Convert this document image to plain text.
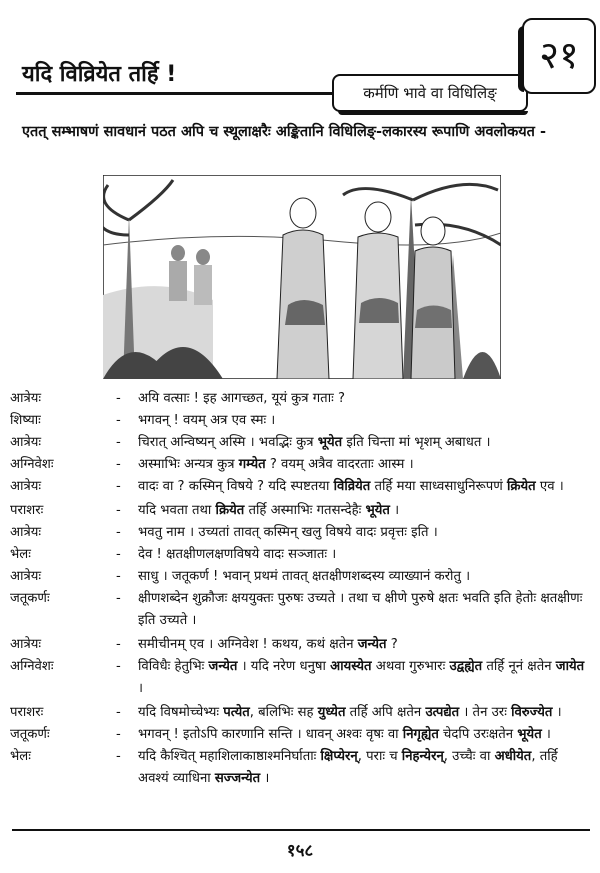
यदि विव्रियेत तर्हि !
कर्मणि भावे वा विधिलिङ्
२१
एतत् सम्भाषणं सावधानं पठत अपि च स्थूलाक्षरैः अङ्कितानि विधिलिङ्-लकारस्य रूपाणि अवलोकयत -
आत्रेयः	- अयि वत्साः ! इह आगच्छत, यूयं कुत्र गताः ?
शिष्याः	- भगवन् ! वयम् अत्र एव स्मः ।
आत्रेयः	- चिरात् अन्विष्यन् अस्मि । भवद्भिः कुत्र भूयेत इति चिन्ता मां भृशम् अबाधत ।
अग्निवेशः	- अस्माभिः अन्यत्र कुत्र गम्येत ? वयम् अत्रैव वादरताः आस्म ।
आत्रेयः	- वादः वा ? कस्मिन् विषये ? यदि स्पष्टतया विव्रियेत तर्हि मया साध्वसाधुनिरूपणं क्रियेत एव ।
पराशरः	- यदि भवता तथा क्रियेत तर्हि अस्माभिः गतसन्देहैः भूयेत ।
आत्रेयः	- भवतु नाम । उच्यतां तावत् कस्मिन् खलु विषये वादः प्रवृत्तः इति ।
भेलः	- देव ! क्षतक्षीणलक्षणविषये वादः सञ्जातः ।
आत्रेयः	- साधु । जतूकर्ण ! भवान् प्रथमं तावत् क्षतक्षीणशब्दस्य व्याख्यानं करोतु ।
जतूकर्णः	- क्षीणशब्देन शुक्रौजः क्षययुक्तः पुरुषः उच्यते । तथा च क्षीणे पुरुषे क्षतः भवति इति हेतोः क्षतक्षीणः इति उच्यते ।
आत्रेयः	- समीचीनम् एव । अग्निवेश ! कथय, कथं क्षतेन जन्येत ?
अग्निवेशः	- विविधैः हेतुभिः जन्येत । यदि नरेण धनुषा आयस्येत अथवा गुरुभारः उद्वह्येत तर्हि नूनं क्षतेन जायेत ।
पराशरः	- यदि विषमोच्चेभ्यः पत्येत, बलिभिः सह युध्येत तर्हि अपि क्षतेन उत्पद्येत । तेन उरः विरुज्येत ।
जतूकर्णः	- भगवन् ! इतोऽपि कारणानि सन्ति । धावन् अश्वः वृषः वा निगृह्येत चेदपि उरःक्षतेन भूयेत ।
भेलः	- यदि कैश्चित् महाशिलाकाष्ठाश्मनिर्घाताः क्षिप्येरन्, पराः च निहन्येरन्, उच्चैः वा अधीयेत, तर्हि अवश्यं व्याधिना सज्जन्येत ।
१५८
